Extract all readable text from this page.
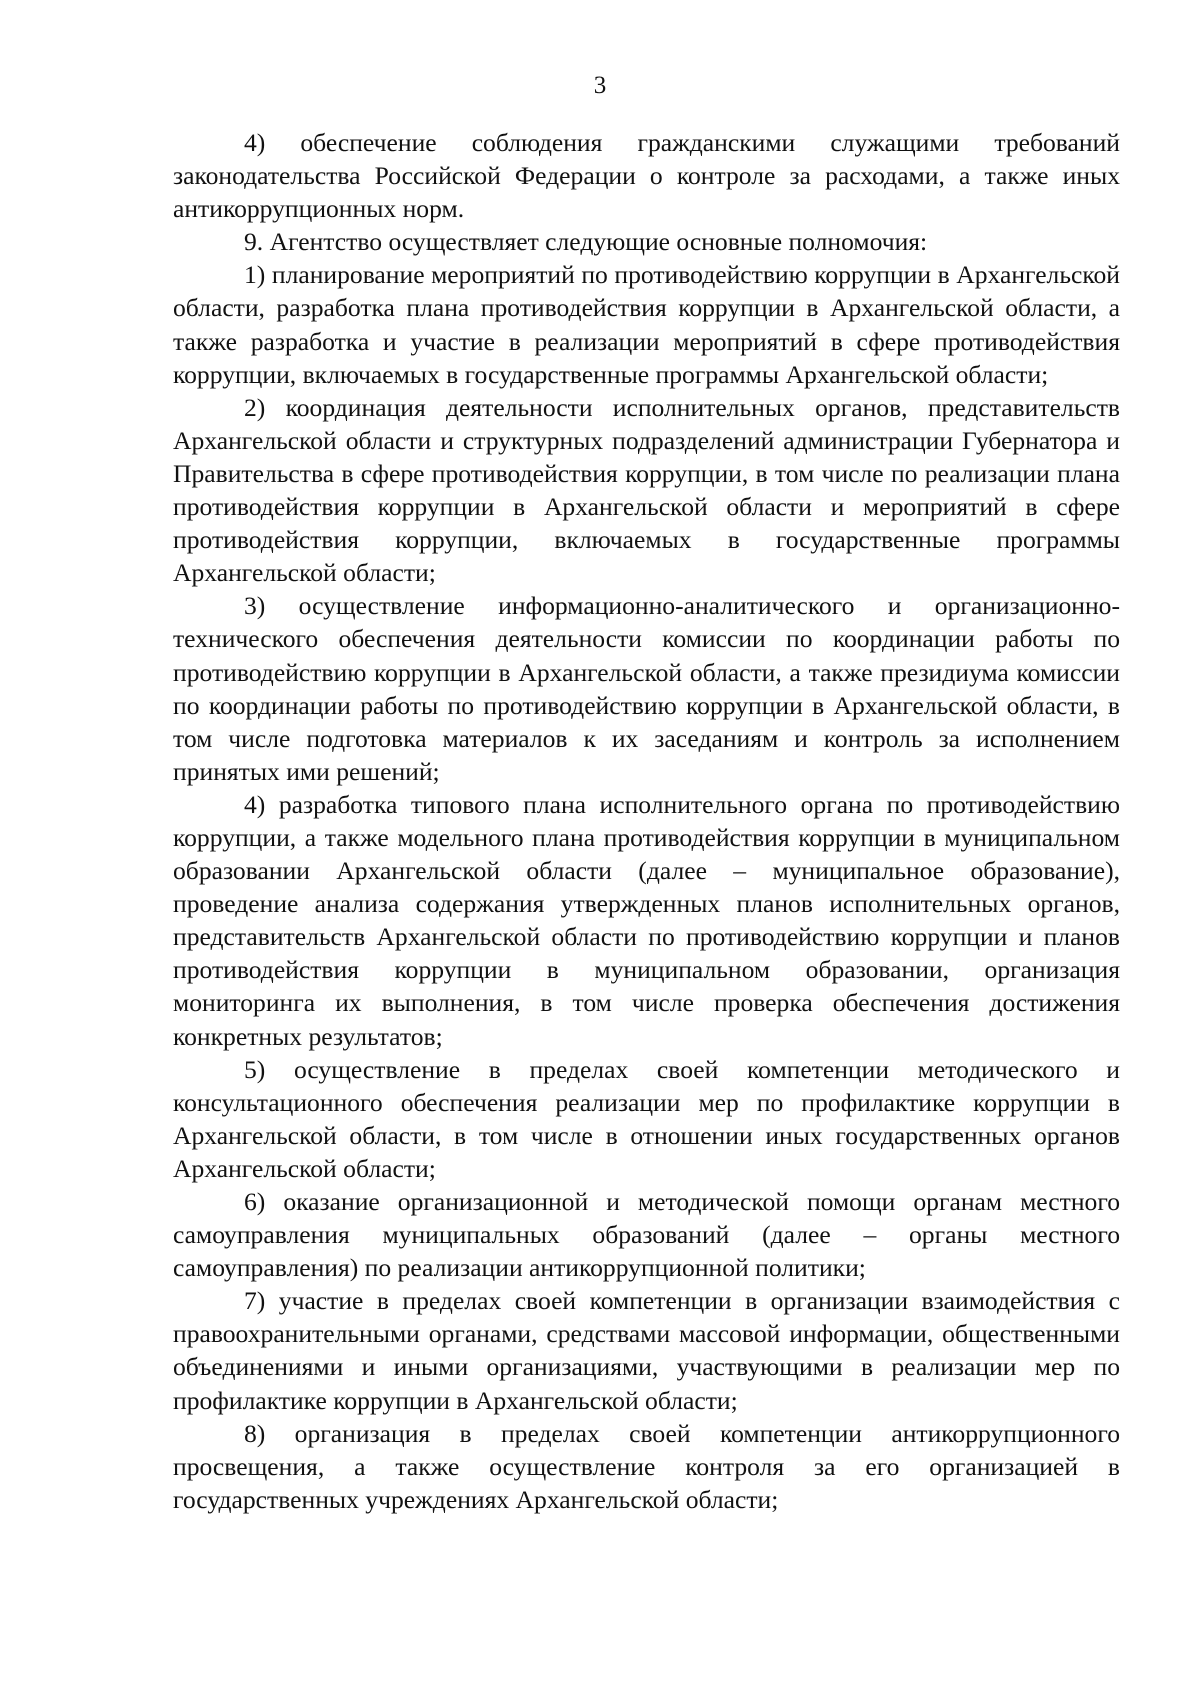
3

4) обеспечение соблюдения гражданскими служащими требований законодательства Российской Федерации о контроле за расходами, а также иных антикоррупционных норм.

9. Агентство осуществляет следующие основные полномочия:

1) планирование мероприятий по противодействию коррупции в Архангельской области, разработка плана противодействия коррупции в Архангельской области, а также разработка и участие в реализации мероприятий в сфере противодействия коррупции, включаемых в государственные программы Архангельской области;

2) координация деятельности исполнительных органов, представительств Архангельской области и структурных подразделений администрации Губернатора и Правительства в сфере противодействия коррупции, в том числе по реализации плана противодействия коррупции в Архангельской области и мероприятий в сфере противодействия коррупции, включаемых в государственные программы Архангельской области;

3) осуществление информационно-аналитического и организационно-технического обеспечения деятельности комиссии по координации работы по противодействию коррупции в Архангельской области, а также президиума комиссии по координации работы по противодействию коррупции в Архангельской области, в том числе подготовка материалов к их заседаниям и контроль за исполнением принятых ими решений;

4) разработка типового плана исполнительного органа по противодействию коррупции, а также модельного плана противодействия коррупции в муниципальном образовании Архангельской области (далее – муниципальное образование), проведение анализа содержания утвержденных планов исполнительных органов, представительств Архангельской области по противодействию коррупции и планов противодействия коррупции в муниципальном образовании, организация мониторинга их выполнения, в том числе проверка обеспечения достижения конкретных результатов;

5) осуществление в пределах своей компетенции методического и консультационного обеспечения реализации мер по профилактике коррупции в Архангельской области, в том числе в отношении иных государственных органов Архангельской области;

6) оказание организационной и методической помощи органам местного самоуправления муниципальных образований (далее – органы местного самоуправления) по реализации антикоррупционной политики;

7) участие в пределах своей компетенции в организации взаимодействия с правоохранительными органами, средствами массовой информации, общественными объединениями и иными организациями, участвующими в реализации мер по профилактике коррупции в Архангельской области;

8) организация в пределах своей компетенции антикоррупционного просвещения, а также осуществление контроля за его организацией в государственных учреждениях Архангельской области;
